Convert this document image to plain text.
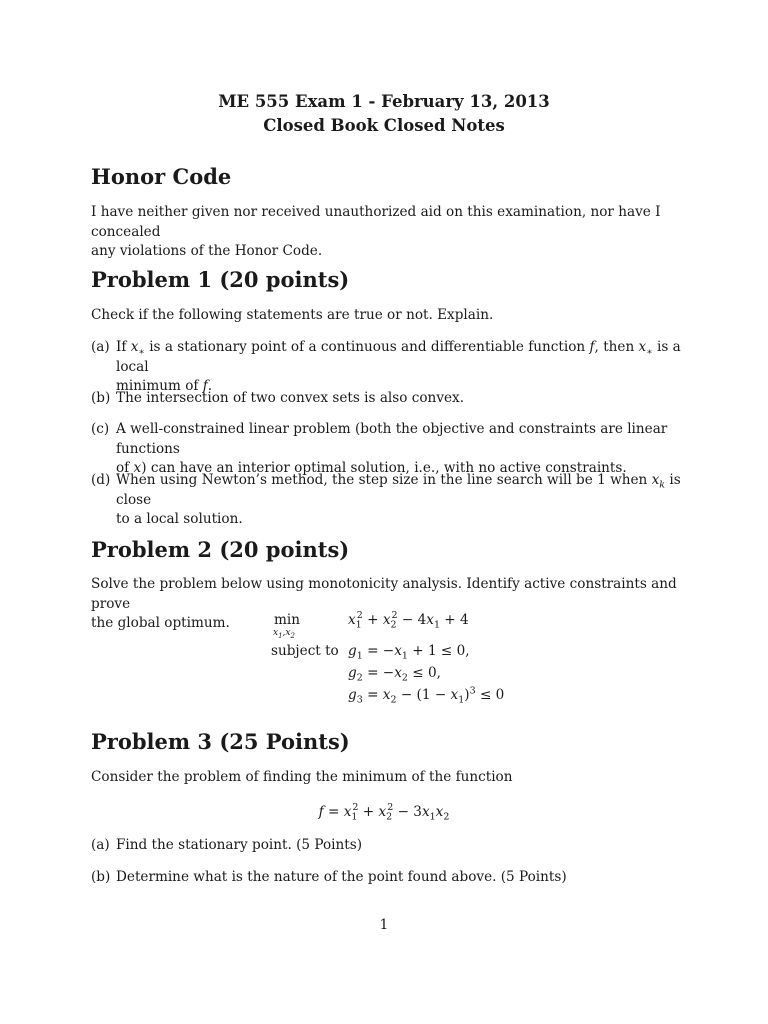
ME 555 Exam 1 - February 13, 2013
Closed Book Closed Notes
Honor Code
I have neither given nor received unauthorized aid on this examination, nor have I concealed
any violations of the Honor Code.
Problem 1 (20 points)
Check if the following statements are true or not. Explain.
(a) If $x_∗$ is a stationary point of a continuous and differentiable function f, then $x_∗$ is a local
minimum of f.
(b) The intersection of two convex sets is also convex.
(c) A well-constrained linear problem (both the objective and constraints are linear functions
of x) can have an interior optimal solution, i.e., with no active constraints.
(d) When using Newton’s method, the step size in the line search will be 1 when $x_k$ is close
to a local solution.
Problem 2 (20 points)
Solve the problem below using monotonicity analysis. Identify active constraints and prove
the global optimum.	min
$x_1,x_2$
$x_1^2 + x_2^2 - 4x_1 + 4$
subject to $g_1 = -x_1 + 1 \le 0$,
$g_2 = -x_2 \le 0$,
$g_3 = x_2 - (1 - x_1)^3 \le 0$
Problem 3 (25 Points)
Consider the problem of finding the minimum of the function
$f = x_1^2 + x_2^2 - 3x_1x_2$
(a) Find the stationary point. (5 Points)
(b) Determine what is the nature of the point found above. (5 Points)
1
